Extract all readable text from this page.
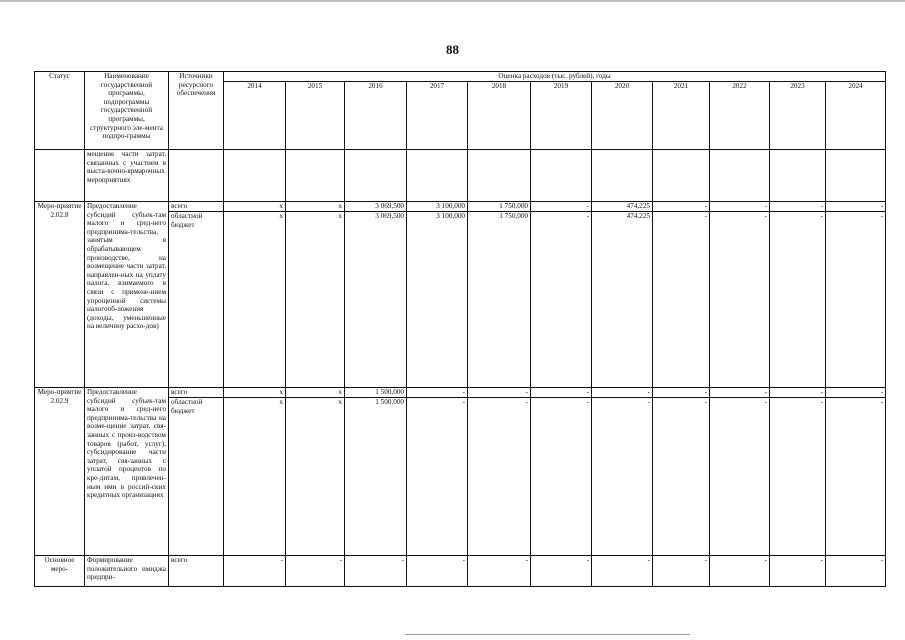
88
Статус	Наименование государственной программы, подпрограммы государственной программы, структурного эле-мента подпро-граммы	Источники ресурсного обеспечения	Оценка расходов (тыс. рублей), годы										
			2014	2015	2016	2017	2018	2019	2020	2021	2022	2023	2024

	мещение части затрат, связанных с участием в выста-вочно-ярмарочных мероприятиях												

Меро-приятие 2.02.8	Предоставление субсидий субъек-там малого и сред-него предпринима-тельства, занятым в обрабатывающем производстве, на возмещение части затрат, направлен-ных на уплату налога, взимаемого в связи с примене-нием упрощенной системы налогооб-ложения (доходы, уменьшенные на величину расхо-дов)	всего	х	х	3 069,500	3 100,000	1 750,000	-	474,225	-	-	-	-
		областной бюджет	х	х	3 069,500	3 100,000	1 750,000	-	474,225	-	-	-	-
Меро-приятие 2.02.9	Предоставление субсидий субъек-там малого и сред-него предпринима-тельства на возме-щение затрат, свя-занных с произ-водством товаров (работ, услуг), субсидирование части затрат, свя-занных с уплатой процентов по кре-дитам, привлечен-ным ими в россий-ских кредитных организациях	всего	х	х	1 500,000	-	-	-	-	-	-	-	-
		областной бюджет	х	х	1 500,000	-	-	-	-	-	-	-	-
Основное меро-	Формирование положительного имиджа предпри-	всего	-	-	-	-	-	-	-	-	-	-	-
